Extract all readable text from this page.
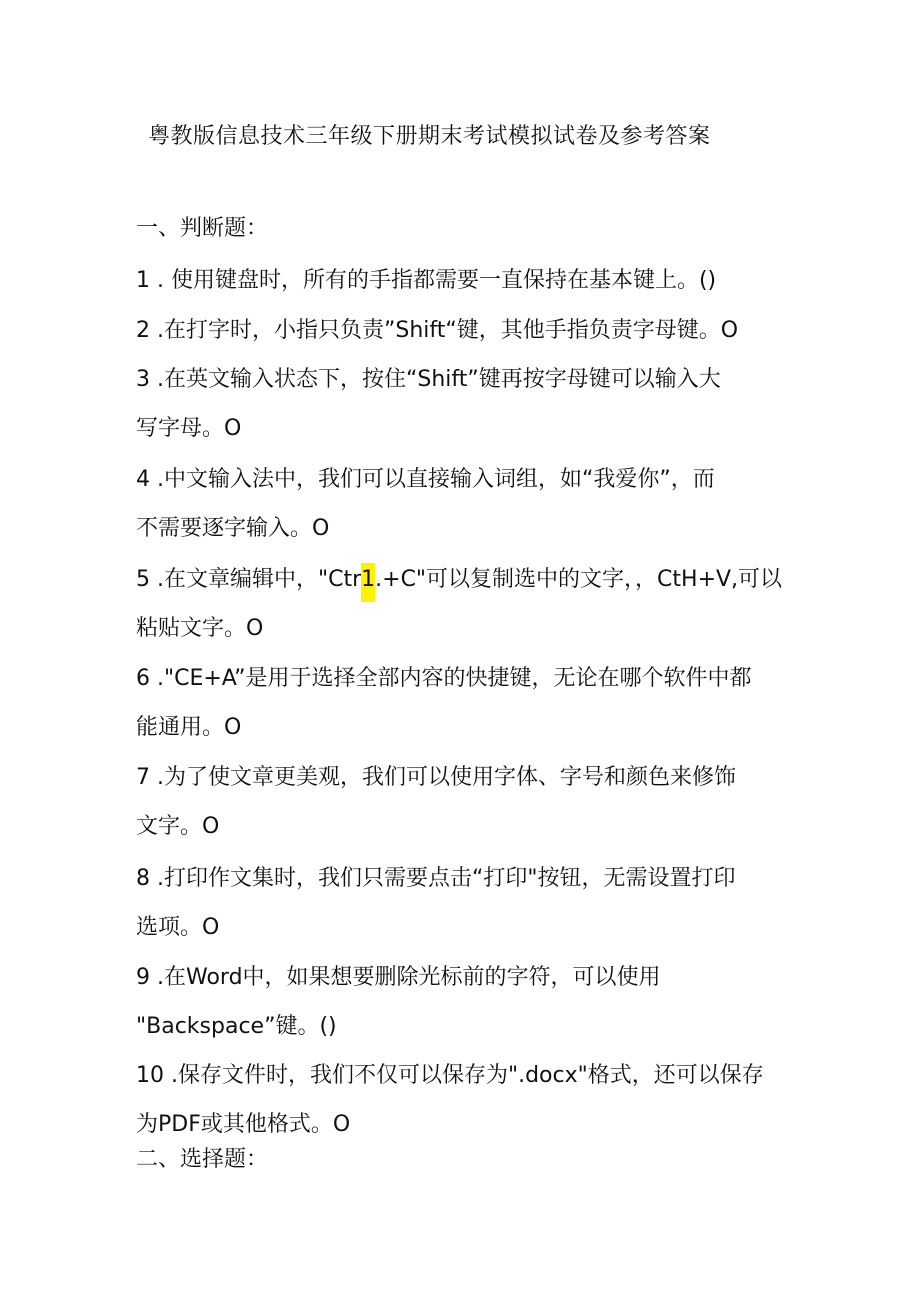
粤教版信息技术三年级下册期末考试模拟试卷及参考答案
一、判断题：
1 . 使用键盘时，所有的手指都需要一直保持在基本键上。()
2 .在打字时，小指只负责”Shift“键，其他手指负责字母键。O
3 .在英文输入状态下，按住“Shift”键再按字母键可以输入大
写字母。O
4 .中文输入法中，我们可以直接输入词组，如“我爱你”，而
不需要逐字输入。O
5 .在文章编辑中，"Ctr1.+C"可以复制选中的文字，，CtH+V,可以
粘贴文字。O
6 ."CE+A”是用于选择全部内容的快捷键，无论在哪个软件中都
能通用。O
7 .为了使文章更美观，我们可以使用字体、字号和颜色来修饰
文字。O
8 .打印作文集时，我们只需要点击“打印"按钮，无需设置打印
选项。O
9 .在Word中，如果想要删除光标前的字符，可以使用
"Backspace”键。()
10 .保存文件时，我们不仅可以保存为".docx"格式，还可以保存
为PDF或其他格式。O
二、选择题：
